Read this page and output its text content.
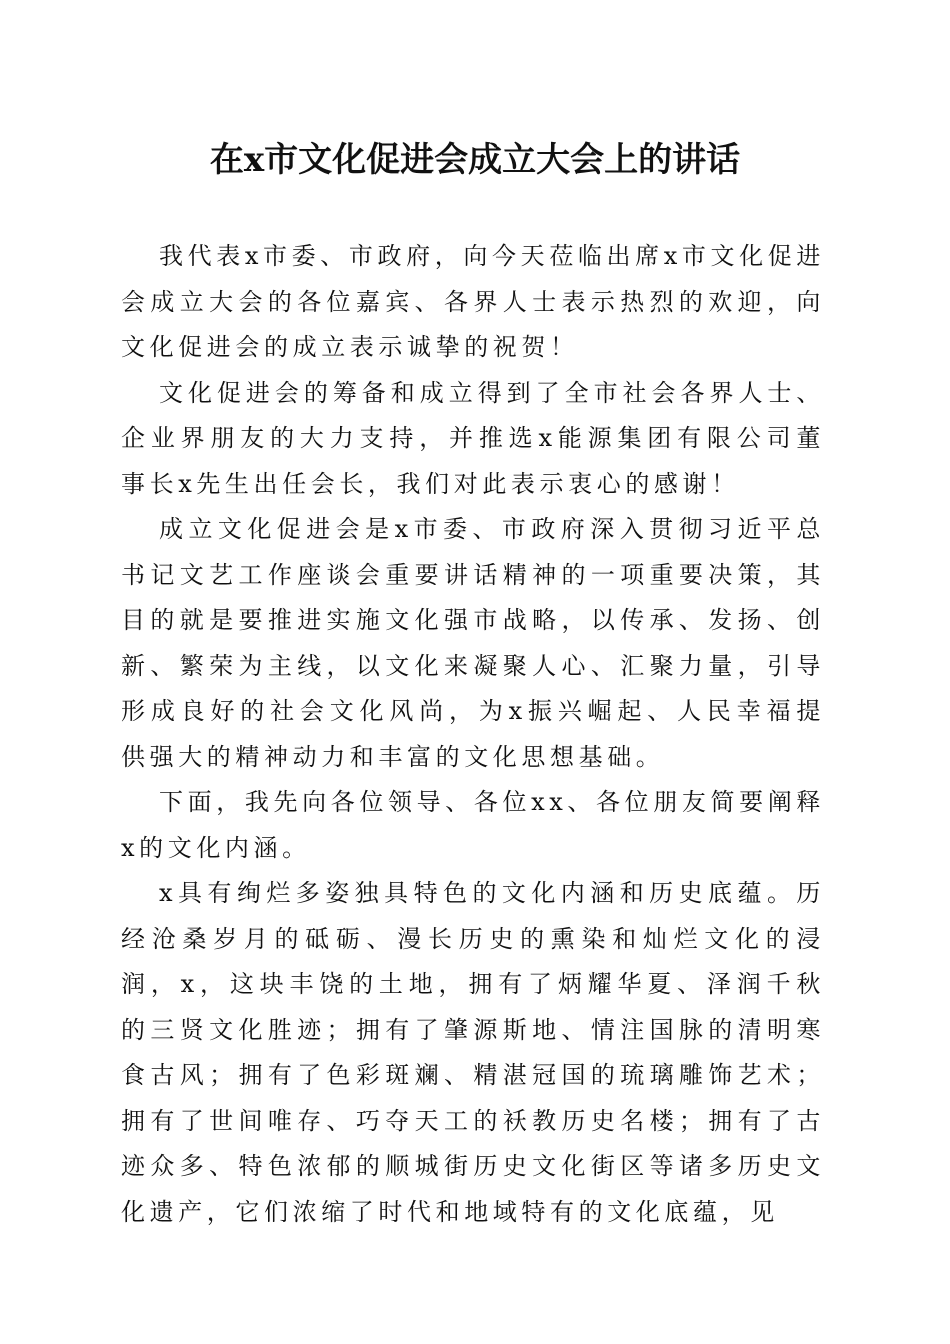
在x市文化促进会成立大会上的讲话

我代表x市委、市政府，向今天莅临出席x市文化促进会成立大会的各位嘉宾、各界人士表示热烈的欢迎，向文化促进会的成立表示诚挚的祝贺！

文化促进会的筹备和成立得到了全市社会各界人士、企业界朋友的大力支持，并推选x能源集团有限公司董事长x先生出任会长，我们对此表示衷心的感谢！

成立文化促进会是x市委、市政府深入贯彻习近平总书记文艺工作座谈会重要讲话精神的一项重要决策，其目的就是要推进实施文化强市战略，以传承、发扬、创新、繁荣为主线，以文化来凝聚人心、汇聚力量，引导形成良好的社会文化风尚，为x振兴崛起、人民幸福提供强大的精神动力和丰富的文化思想基础。

下面，我先向各位领导、各位xx、各位朋友简要阐释x的文化内涵。

x具有绚烂多姿独具特色的文化内涵和历史底蕴。历经沧桑岁月的砥砺、漫长历史的熏染和灿烂文化的浸润，x，这块丰饶的土地，拥有了炳耀华夏、泽润千秋的三贤文化胜迹；拥有了肇源斯地、情注国脉的清明寒食古风；拥有了色彩斑斓、精湛冠国的琉璃雕饰艺术；拥有了世间唯存、巧夺天工的袄教历史名楼；拥有了古迹众多、特色浓郁的顺城街历史文化街区等诸多历史文化遗产，它们浓缩了时代和地域特有的文化底蕴，见
